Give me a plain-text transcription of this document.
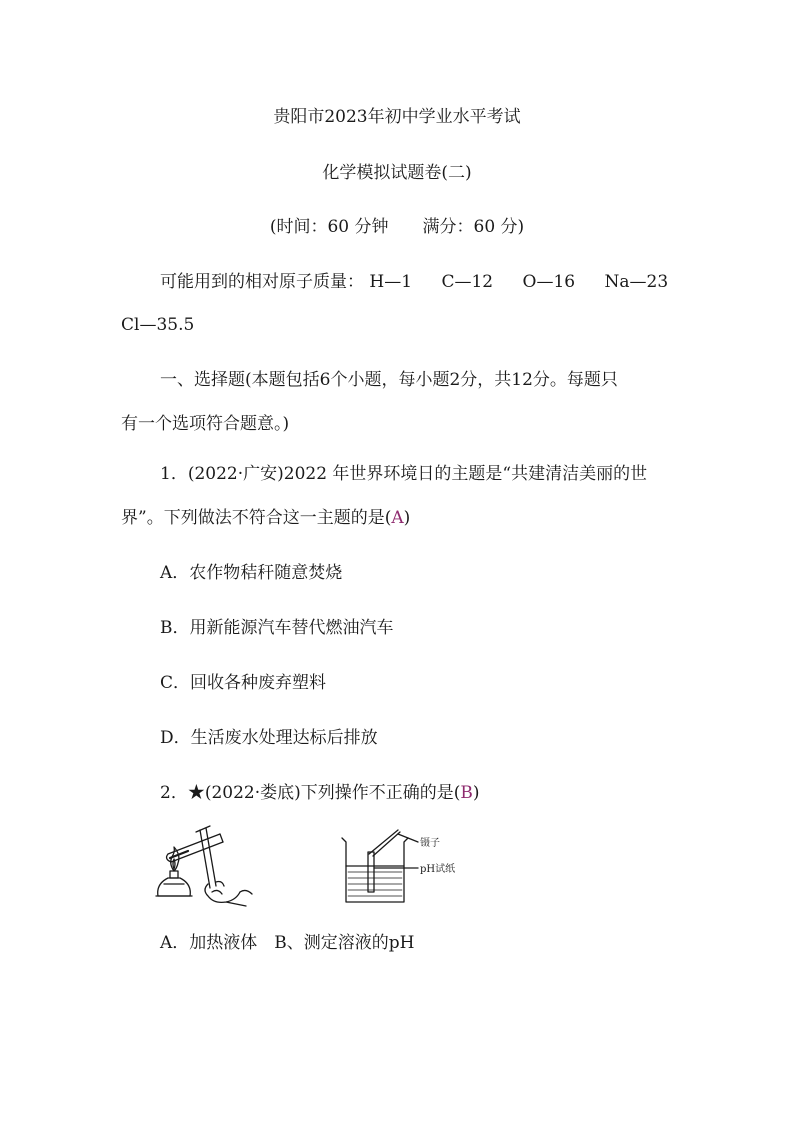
贵阳市2023年初中学业水平考试
化学模拟试题卷(二)
(时间：60 分钟 满分：60 分)
可能用到的相对原子质量： H—1 C—12 O—16 Na—23
Cl—35.5
一、选择题(本题包括6个小题，每小题2分，共12分。每题只
有一个选项符合题意。)
1．(2022·广安)2022 年世界环境日的主题是“共建清洁美丽的世
界”。下列做法不符合这一主题的是(A)
A．农作物秸秆随意焚烧
B．用新能源汽车替代燃油汽车
C．回收各种废弃塑料
D．生活废水处理达标后排放
2．★(2022·娄底)下列操作不正确的是(B)
镊子
pH试纸
A．加热液体　B、测定溶液的pH
